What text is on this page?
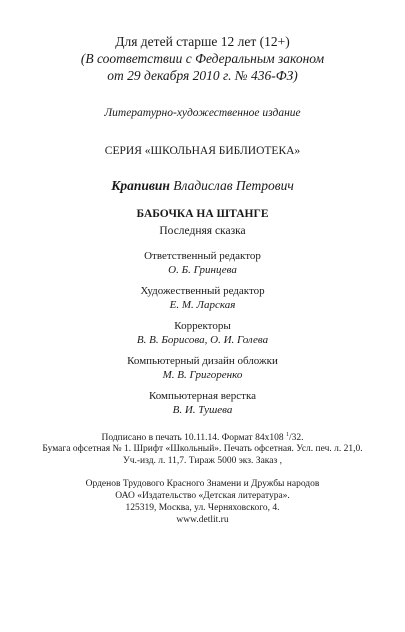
Для детей старше 12 лет (12+)
(В соответствии с Федеральным законом
от 29 декабря 2010 г. № 436-ФЗ)
Литературно-художественное издание
СЕРИЯ «ШКОЛЬНАЯ БИБЛИОТЕКА»
Крапивин Владислав Петрович
БАБОЧКА НА ШТАНГЕ
Последняя сказка
Ответственный редактор
О. Б. Гринцева
Художественный редактор
Е. М. Ларская
Корректоры
В. В. Борисова, О. И. Голева
Компьютерный дизайн обложки
М. В. Григоренко
Компьютерная верстка
В. И. Тушева
Подписано в печать 10.11.14. Формат 84х108 $^1$/32.
Бумага офсетная № 1. Шрифт «Школьный». Печать офсетная. Усл. печ. л. 21,0.
Уч.-изд. л. 11,7. Тираж 5000 экз. Заказ ,
Орденов Трудового Красного Знамени и Дружбы народов
ОАО «Издательство «Детская литература».
125319, Москва, ул. Черняховского, 4.
www.detlit.ru
